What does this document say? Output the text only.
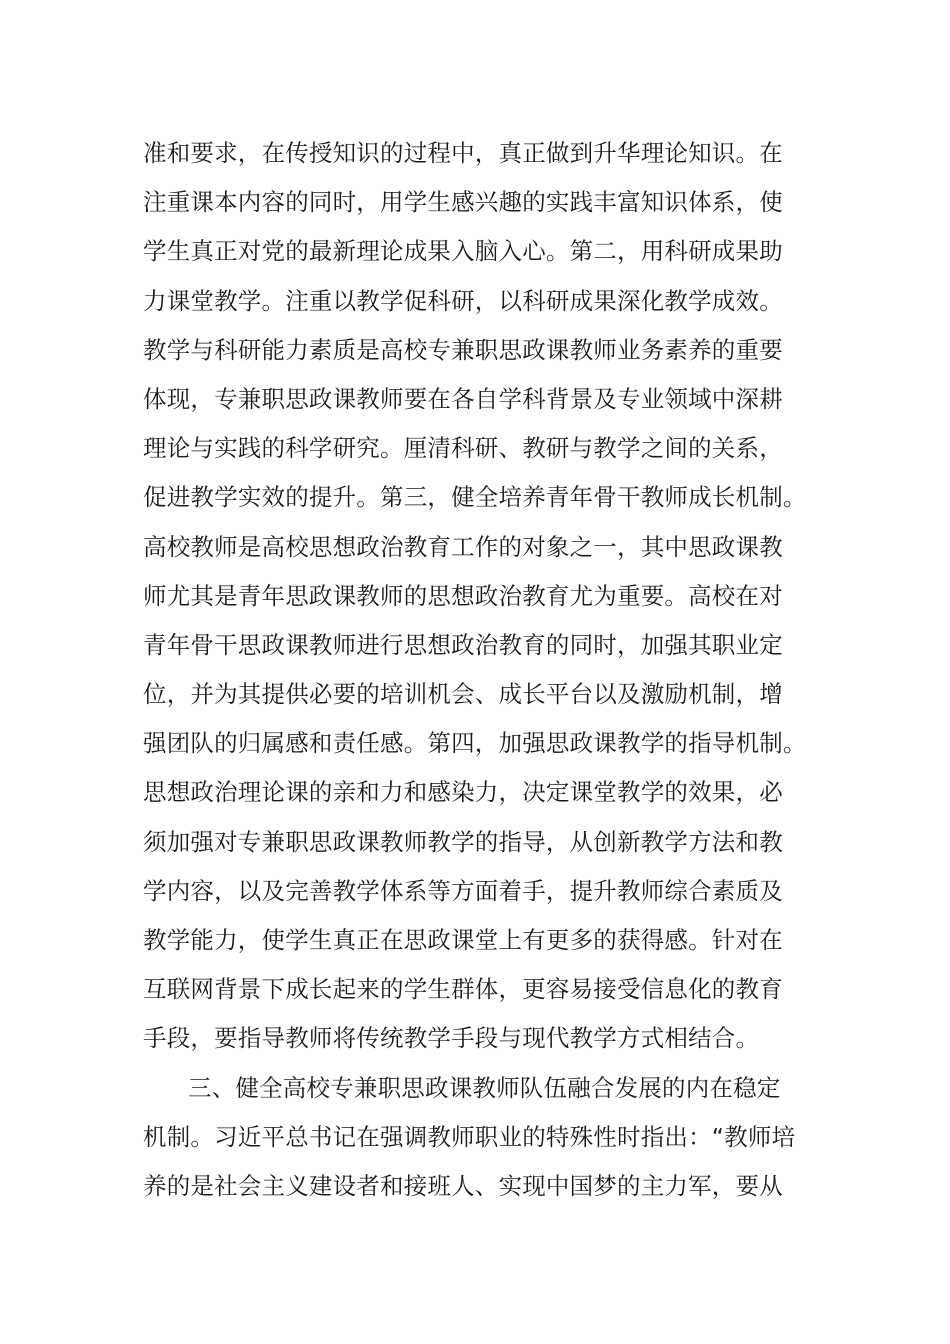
准和要求，在传授知识的过程中，真正做到升华理论知识。在
注重课本内容的同时，用学生感兴趣的实践丰富知识体系，使
学生真正对党的最新理论成果入脑入心。第二，用科研成果助
力课堂教学。注重以教学促科研，以科研成果深化教学成效。
教学与科研能力素质是高校专兼职思政课教师业务素养的重要
体现，专兼职思政课教师要在各自学科背景及专业领域中深耕
理论与实践的科学研究。厘清科研、教研与教学之间的关系，
促进教学实效的提升。第三，健全培养青年骨干教师成长机制。
高校教师是高校思想政治教育工作的对象之一，其中思政课教
师尤其是青年思政课教师的思想政治教育尤为重要。高校在对
青年骨干思政课教师进行思想政治教育的同时，加强其职业定
位，并为其提供必要的培训机会、成长平台以及激励机制，增
强团队的归属感和责任感。第四，加强思政课教学的指导机制。
思想政治理论课的亲和力和感染力，决定课堂教学的效果，必
须加强对专兼职思政课教师教学的指导，从创新教学方法和教
学内容，以及完善教学体系等方面着手，提升教师综合素质及
教学能力，使学生真正在思政课堂上有更多的获得感。针对在
互联网背景下成长起来的学生群体，更容易接受信息化的教育
手段，要指导教师将传统教学手段与现代教学方式相结合。
三、健全高校专兼职思政课教师队伍融合发展的内在稳定
机制。习近平总书记在强调教师职业的特殊性时指出：“教师培
养的是社会主义建设者和接班人、实现中国梦的主力军，要从
